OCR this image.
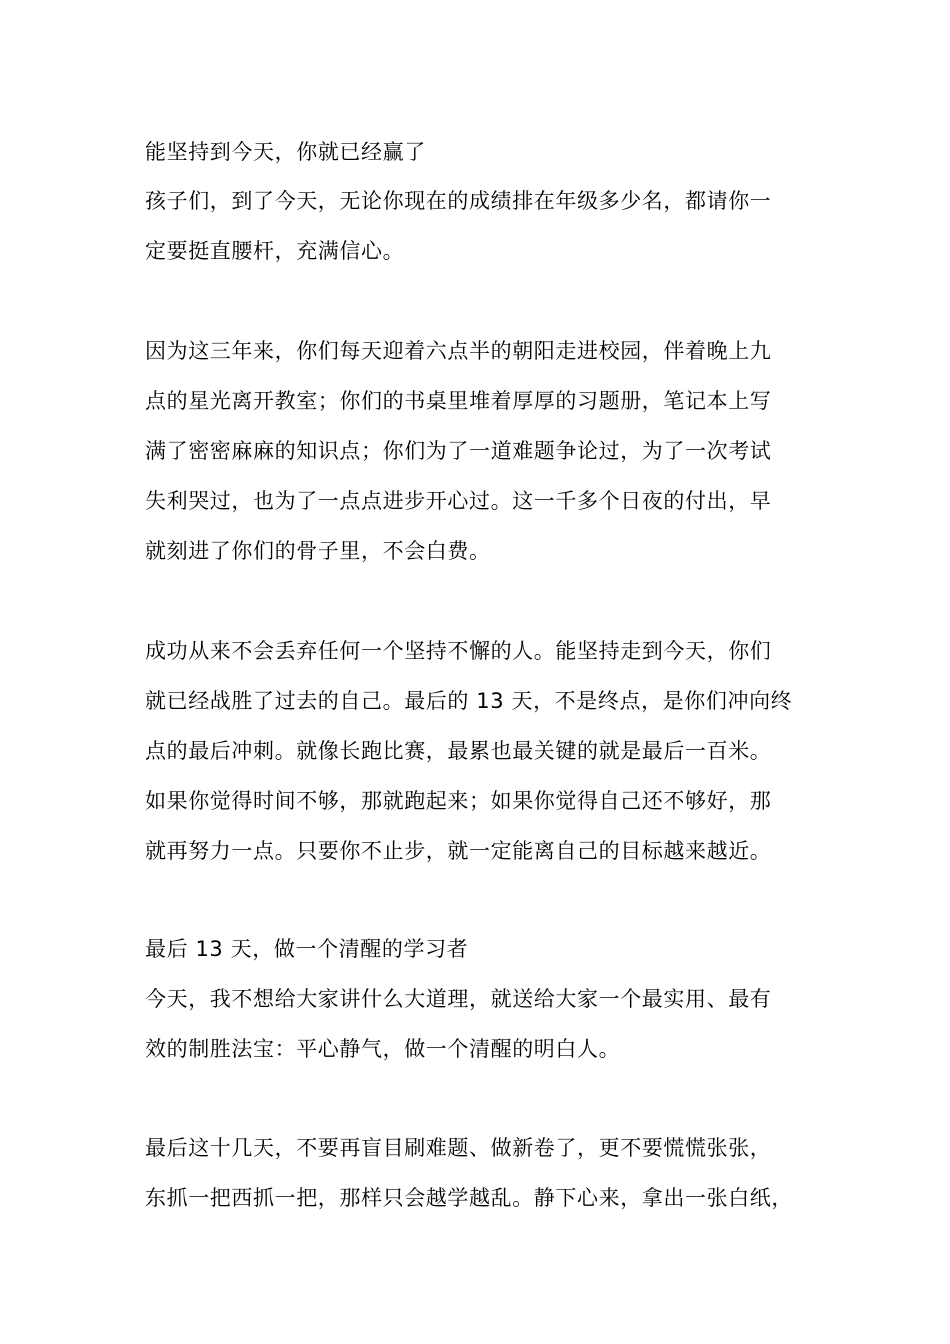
能坚持到今天，你就已经赢了
孩子们，到了今天，无论你现在的成绩排在年级多少名，都请你一
定要挺直腰杆，充满信心。
因为这三年来，你们每天迎着六点半的朝阳走进校园，伴着晚上九
点的星光离开教室；你们的书桌里堆着厚厚的习题册，笔记本上写
满了密密麻麻的知识点；你们为了一道难题争论过，为了一次考试
失利哭过，也为了一点点进步开心过。这一千多个日夜的付出，早
就刻进了你们的骨子里，不会白费。
成功从来不会丢弃任何一个坚持不懈的人。能坚持走到今天，你们
就已经战胜了过去的自己。最后的 13 天，不是终点，是你们冲向终
点的最后冲刺。就像长跑比赛，最累也最关键的就是最后一百米。
如果你觉得时间不够，那就跑起来；如果你觉得自己还不够好，那
就再努力一点。只要你不止步，就一定能离自己的目标越来越近。
最后 13 天，做一个清醒的学习者
今天，我不想给大家讲什么大道理，就送给大家一个最实用、最有
效的制胜法宝：平心静气，做一个清醒的明白人。
最后这十几天，不要再盲目刷难题、做新卷了，更不要慌慌张张，
东抓一把西抓一把，那样只会越学越乱。静下心来，拿出一张白纸，
